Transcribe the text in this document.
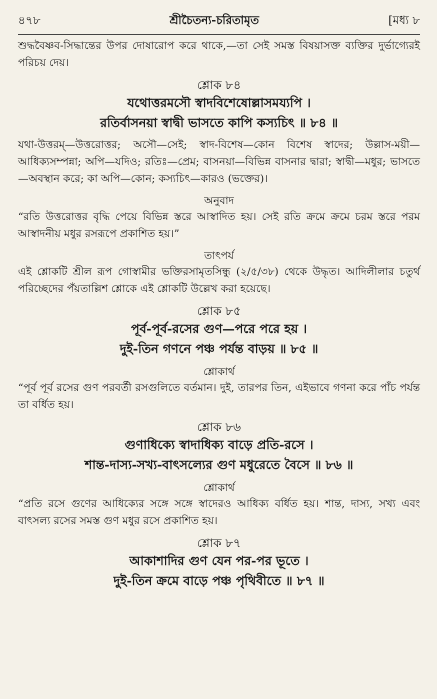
৪৭৮	শ্রীচৈতন্য-চরিতামৃত	[মধ্য ৮

শুদ্ধবৈষ্ণব-সিদ্ধান্তের উপর দোষারোপ করে থাকে,—তা সেই সমস্ত বিষয়াসক্ত ব্যক্তির দুর্ভাগ্যেরই পরিচয় দেয়।

শ্লোক ৮৪
যথোত্তরমসৌ স্বাদবিশেষোল্লাসময্যপি ।
রতির্বাসনয়া স্বাদ্বী ভাসতে কাপি কস্যচিৎ ॥ ৮৪ ॥

যথা-উত্তরম্—উত্তরোত্তর; অসৌ—সেই; স্বাদ-বিশেষ—কোন বিশেষ স্বাদের; উল্লাস-ময়ী—আধিক্যসম্পন্না; অপি—যদিও; রতিঃ—প্রেম; বাসনয়া—বিভিন্ন বাসনার দ্বারা; স্বাদ্বী—মধুর; ভাসতে—অবস্থান করে; কা অপি—কোন; কস্যচিৎ—কারও (ভক্তের)।

অনুবাদ

“রতি উত্তরোত্তর বৃদ্ধি পেয়ে বিভিন্ন স্তরে আস্বাদিত হয়। সেই রতি ক্রমে ক্রমে চরম স্তরে পরম আস্বাদনীয় মধুর রসরূপে প্রকাশিত হয়।”

তাৎপর্য

এই শ্লোকটি শ্রীল রূপ গোস্বামীর ভক্তিরসামৃতসিন্ধু (২/৫/৩৮) থেকে উদ্ধৃত। আদিলীলার চতুর্থ পরিচ্ছেদের পঁয়তাল্লিশ শ্লোকে এই শ্লোকটি উল্লেখ করা হয়েছে।

শ্লোক ৮৫
পূর্ব-পূর্ব-রসের গুণ—পরে পরে হয় ।
দুই-তিন গণনে পঞ্চ পর্যন্ত বাড়য় ॥ ৮৫ ॥
শ্লোকার্থ

“পূর্ব পূর্ব রসের গুণ পরবর্তী রসগুলিতে বর্তমান। দুই, তারপর তিন, এইভাবে গণনা করে পাঁচ পর্যন্ত তা বর্ধিত হয়।

শ্লোক ৮৬
গুণাধিক্যে স্বাদাধিক্য বাড়ে প্রতি-রসে ।
শান্ত-দাস্য-সখ্য-বাৎসল্যের গুণ মধুরেতে বৈসে ॥ ৮৬ ॥
শ্লোকার্থ

“প্রতি রসে গুণের আধিক্যের সঙ্গে সঙ্গে স্বাদেরও আধিক্য বর্ধিত হয়। শান্ত, দাস্য, সখ্য এবং বাৎসল্য রসের সমস্ত গুণ মধুর রসে প্রকাশিত হয়।

শ্লোক ৮৭
আকাশাদির গুণ যেন পর-পর ভূতে ।
দুই-তিন ক্রমে বাড়ে পঞ্চ পৃথিবীতে ॥ ৮৭ ॥
